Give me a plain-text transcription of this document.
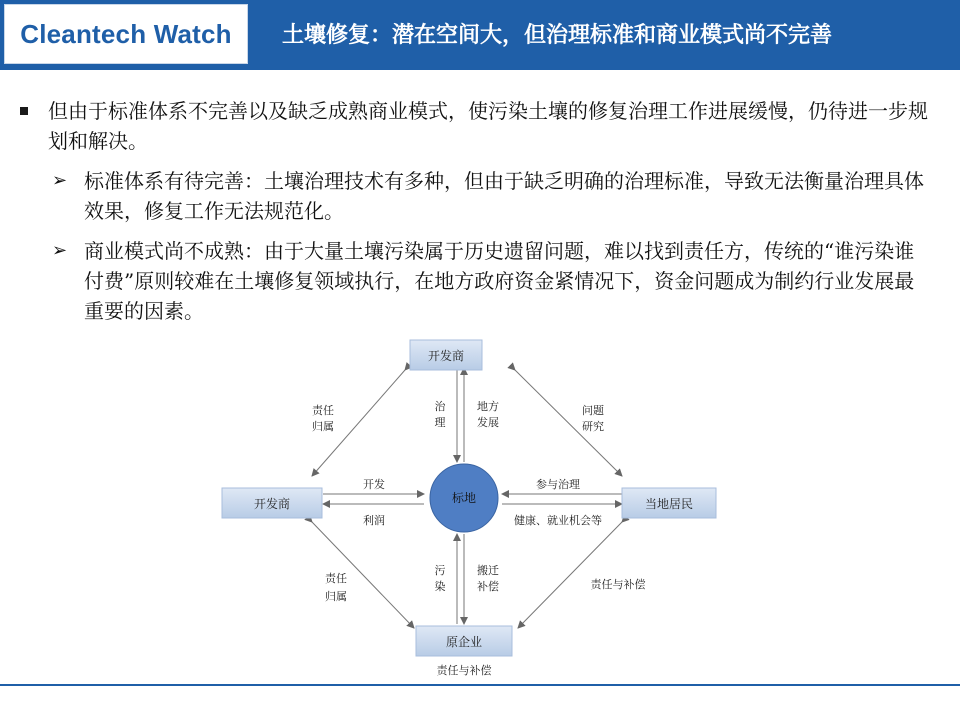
Cleantech Watch 土壤修复：潜在空间大，但治理标准和商业模式尚不完善
但由于标准体系不完善以及缺乏成熟商业模式，使污染土壤的修复治理工作进展缓慢，仍待进一步规划和解决。
➢ 标准体系有待完善：土壤治理技术有多种，但由于缺乏明确的治理标准，导致无法衡量治理具体效果，修复工作无法规范化。
➢ 商业模式尚不成熟：由于大量土壤污染属于历史遗留问题，难以找到责任方，传统的“谁污染谁付费”原则较难在土壤修复领域执行，在地方政府资金紧情况下，资金问题成为制约行业发展最重要的因素。
开发商
开发商	当地居民
原企业
标地
责任
归属
问题
研究
治
理
地方
发展
开发
利润
参与治理
健康、就业机会等
污
染
搬迁
补偿
责任
归属
责任与补偿
责任与补偿
